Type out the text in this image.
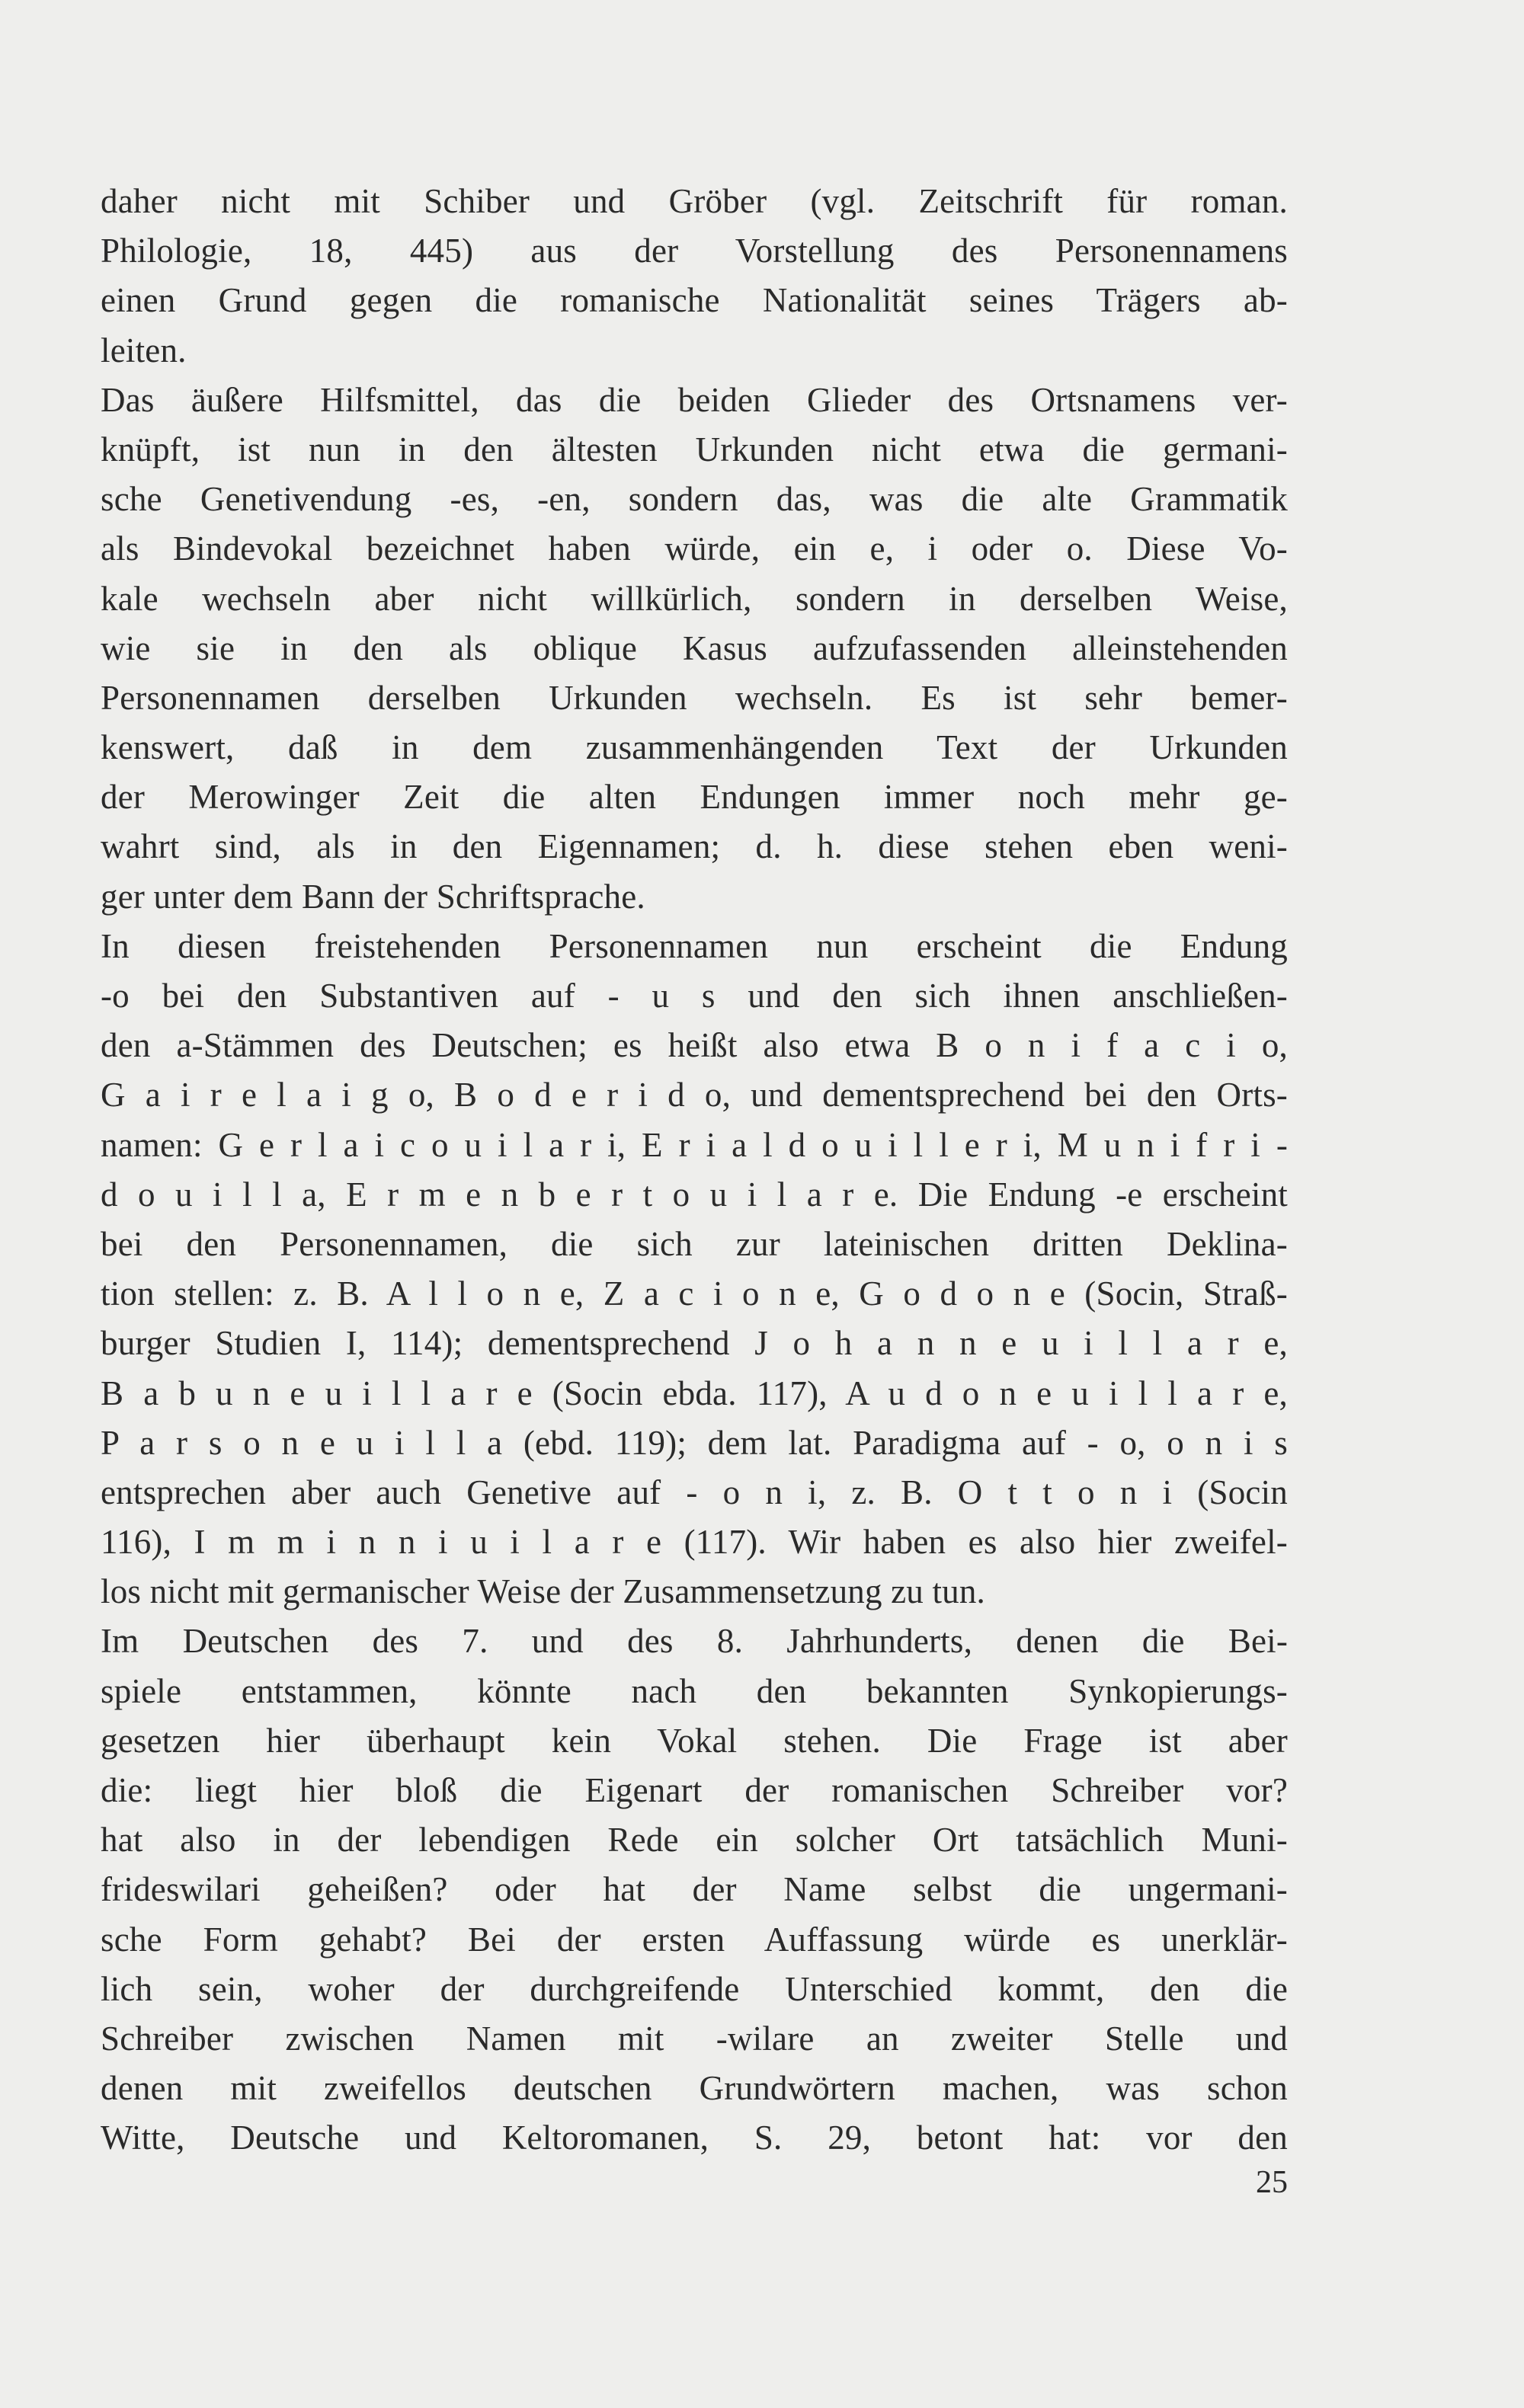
daher nicht mit Schiber und Gröber (vgl. Zeitschrift für roman.
Philologie, 18, 445) aus der Vorstellung des Personennamens
einen Grund gegen die romanische Nationalität seines Trägers ab-
leiten.
Das äußere Hilfsmittel, das die beiden Glieder des Ortsnamens ver-
knüpft, ist nun in den ältesten Urkunden nicht etwa die germani-
sche Genetivendung -es, -en, sondern das, was die alte Grammatik
als Bindevokal bezeichnet haben würde, ein e, i oder o. Diese Vo-
kale wechseln aber nicht willkürlich, sondern in derselben Weise,
wie sie in den als oblique Kasus aufzufassenden alleinstehenden
Personennamen derselben Urkunden wechseln. Es ist sehr bemer-
kenswert, daß in dem zusammenhängenden Text der Urkunden
der Merowinger Zeit die alten Endungen immer noch mehr ge-
wahrt sind, als in den Eigennamen; d. h. diese stehen eben weni-
ger unter dem Bann der Schriftsprache.
In diesen freistehenden Personennamen nun erscheint die Endung
-o bei den Substantiven auf - u s und den sich ihnen anschließen-
den a-Stämmen des Deutschen; es heißt also etwa B o n i f a c i o,
G a i r e l a i g o, B o d e r i d o, und dementsprechend bei den Orts-
namen: G e r l a i c o u i l a r i, E r i a l d o u i l l e r i, M u n i f r i -
d o u i l l a, E r m e n b e r t o u i l a r e. Die Endung -e erscheint
bei den Personennamen, die sich zur lateinischen dritten Deklina-
tion stellen: z. B. A l l o n e, Z a c i o n e, G o d o n e (Socin, Straß-
burger Studien I, 114); dementsprechend J o h a n n e u i l l a r e,
B a b u n e u i l l a r e (Socin ebda. 117), A u d o n e u i l l a r e,
P a r s o n e u i l l a (ebd. 119); dem lat. Paradigma auf - o, o n i s
entsprechen aber auch Genetive auf - o n i, z. B. O t t o n i (Socin
116), I m m i n n i u i l a r e (117). Wir haben es also hier zweifel-
los nicht mit germanischer Weise der Zusammensetzung zu tun.
Im Deutschen des 7. und des 8. Jahrhunderts, denen die Bei-
spiele entstammen, könnte nach den bekannten Synkopierungs-
gesetzen hier überhaupt kein Vokal stehen. Die Frage ist aber
die: liegt hier bloß die Eigenart der romanischen Schreiber vor?
hat also in der lebendigen Rede ein solcher Ort tatsächlich Muni-
frideswilari geheißen? oder hat der Name selbst die ungermani-
sche Form gehabt? Bei der ersten Auffassung würde es unerklär-
lich sein, woher der durchgreifende Unterschied kommt, den die
Schreiber zwischen Namen mit -wilare an zweiter Stelle und
denen mit zweifellos deutschen Grundwörtern machen, was schon
Witte, Deutsche und Keltoromanen, S. 29, betont hat: vor den
25
